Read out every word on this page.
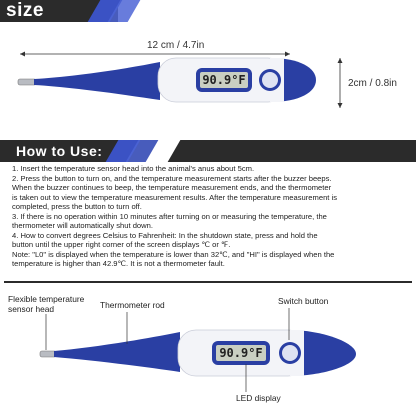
size
12 cm / 4.7in
2cm / 0.8in
90.9°F
90.9°F
How to Use:
1. Insert the temperature sensor head into the animal's anus about 5cm.
2. Press the button to turn on, and the temperature measurement starts after the buzzer beeps.
When the buzzer continues to beep, the temperature measurement ends, and the thermometer
is taken out to view the temperature measurement results. After the temperature measurement is
completed, press the button to turn off.
3. If there is no operation within 10 minutes after turning on or measuring the temperature, the
thermometer will automatically shut down.
4. How to convert degrees Celsius to Fahrenheit: In the shutdown state, press and hold the
button until the upper right corner of the screen displays ℃ or ℉.
Note: "L0" is displayed when the temperature is lower than 32℃, and "HI" is displayed when the
temperature is higher than 42.9℃. It is not a thermometer fault.
Flexible temperature
sensor head	Thermometer rod	Switch button
LED display
